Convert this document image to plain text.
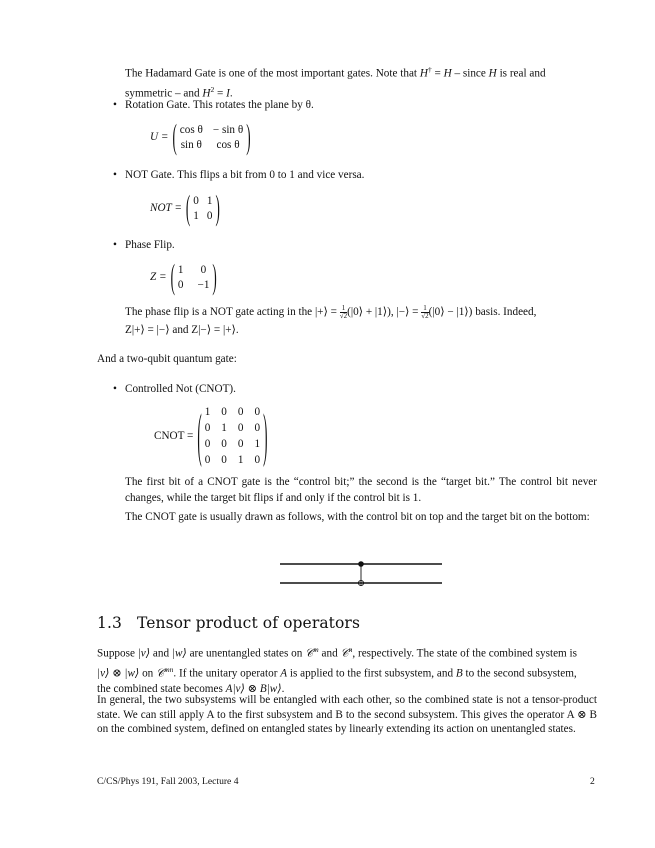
The Hadamard Gate is one of the most important gates. Note that H† = H – since H is real and
symmetric – and $H^2 = I$.
• Rotation Gate. This rotates the plane by θ.
U = ( cos θ − sin θ
sin θ	cos θ )
• NOT Gate. This flips a bit from 0 to 1 and vice versa.
NOT = ( 0 1
1 0 )
• Phase Flip.
Z = ( 1 0
0 −1 )
The phase flip is a NOT gate acting in the |+⟩ = $\frac{1}{√2}$ (|0⟩ + |1⟩), |−⟩ = $\frac{1}{√2}$ (|0⟩ − |1⟩) basis. Indeed,
Z|+⟩ = |−⟩ and Z|−⟩ = |+⟩.
And a two-qubit quantum gate:
• Controlled Not (CNOT).
CNOT = ( 1 0 0 0
0 1 0 0
0 0 0 1
0 0 1 0 )
The first bit of a CNOT gate is the “control bit;” the second is the “target bit.” The control bit never changes, while the target bit flips if and only if the control bit is 1.
The CNOT gate is usually drawn as follows, with the control bit on top and the target bit on the bottom:
1.3 Tensor product of operators
Suppose |v⟩ and |w⟩ are unentangled states on 𝒞$^m$ and 𝒞$^n$, respectively. The state of the combined system is
|v⟩ ⊗ |w⟩ on 𝒞$^{mn}$. If the unitary operator A is applied to the first subsystem, and B to the second subsystem,
the combined state becomes A|v⟩ ⊗ B|w⟩.
In general, the two subsystems will be entangled with each other, so the combined state is not a tensor-product state. We can still apply A to the first subsystem and B to the second subsystem. This gives the operator A ⊗ B on the combined system, defined on entangled states by linearly extending its action on unentangled states.
C/CS/Phys 191, Fall 2003, Lecture 4	2
